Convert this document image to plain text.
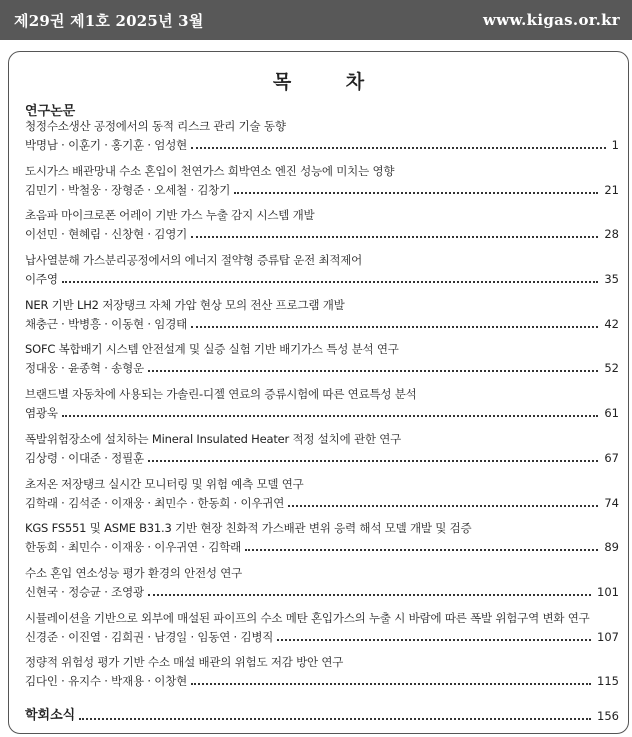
제29권 제1호 2025년 3월	www.kigas.or.kr
목 차
연구논문
청정수소생산 공정에서의 동적 리스크 관리 기술 동향
박명남 · 이훈기 · 홍기훈 · 엄성현	1
도시가스 배관망내 수소 혼입이 천연가스 희박연소 엔진 성능에 미치는 영향
김민기 · 박철웅 · 장형준 · 오세철 · 김창기	21
초음파 마이크로폰 어레이 기반 가스 누출 감지 시스템 개발
이선민 · 현혜림 · 신창현 · 김영기	28
납사열분해 가스분리공정에서의 에너지 절약형 증류탑 운전 최적제어
이주영	35
NER 기반 LH2 저장탱크 자체 가압 현상 모의 전산 프로그램 개발
채충근 · 박병흥 · 이동현 · 임경태	42
SOFC 복합배기 시스템 안전설계 및 실증 실험 기반 배기가스 특성 분석 연구
정대웅 · 윤종혁 · 송형운	52
브랜드별 자동차에 사용되는 가솔린-디젤 연료의 증류시험에 따른 연료특성 분석
염광욱	61
폭발위험장소에 설치하는 Mineral Insulated Heater 적정 설치에 관한 연구
김상령 · 이대준 · 정필훈	67
초저온 저장탱크 실시간 모니터링 및 위험 예측 모델 연구
김학래 · 김석준 · 이재웅 · 최민수 · 한동희 · 이우귀연	74
KGS FS551 및 ASME B31.3 기반 현장 친화적 가스배관 변위 응력 해석 모델 개발 및 검증
한동희 · 최민수 · 이재웅 · 이우귀연 · 김학래	89
수소 혼입 연소성능 평가 환경의 안전성 연구
신현국 · 정승균 · 조영광	101
시뮬레이션을 기반으로 외부에 매설된 파이프의 수소 메탄 혼입가스의 누출 시 바람에 따른 폭발 위험구역 변화 연구
신경준 · 이진열 · 김희권 · 남경일 · 임동연 · 김병직	107
정량적 위험성 평가 기반 수소 매설 배관의 위험도 저감 방안 연구
김다인 · 유지수 · 박재용 · 이창현	115
학회소식	156
